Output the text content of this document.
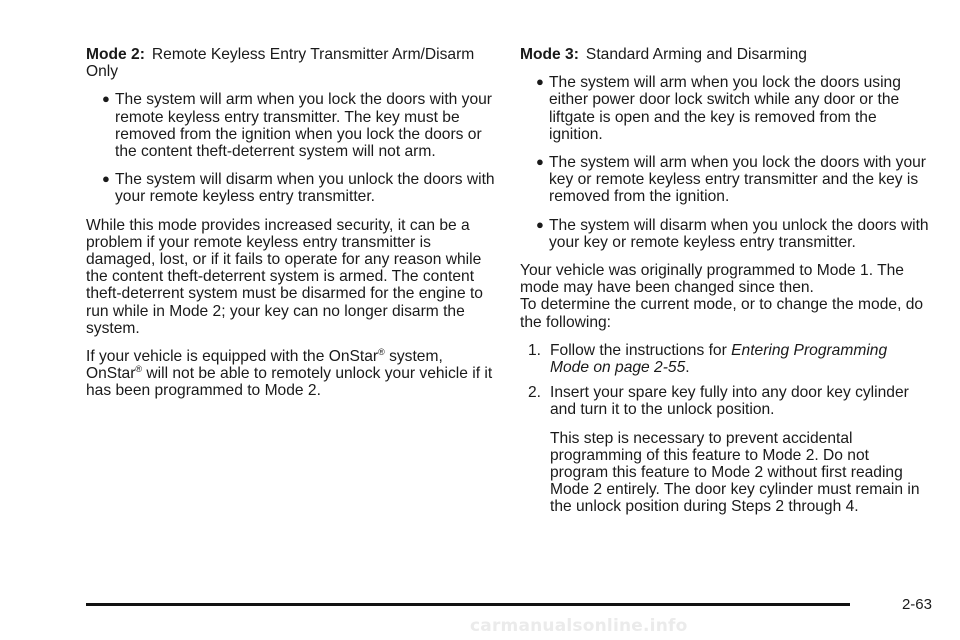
Mode 2: Remote Keyless Entry Transmitter Arm/Disarm Only

● The system will arm when you lock the doors with your remote keyless entry transmitter. The key must be removed from the ignition when you lock the doors or the content theft-deterrent system will not arm.
● The system will disarm when you unlock the doors with your remote keyless entry transmitter.

While this mode provides increased security, it can be a problem if your remote keyless entry transmitter is damaged, lost, or if it fails to operate for any reason while the content theft-deterrent system is armed. The content theft-deterrent system must be disarmed for the engine to run while in Mode 2; your key can no longer disarm the system.

If your vehicle is equipped with the OnStar® system, OnStar® will not be able to remotely unlock your vehicle if it has been programmed to Mode 2.

Mode 3: Standard Arming and Disarming

● The system will arm when you lock the doors using either power door lock switch while any door or the liftgate is open and the key is removed from the ignition.
● The system will arm when you lock the doors with your key or remote keyless entry transmitter and the key is removed from the ignition.
● The system will disarm when you unlock the doors with your key or remote keyless entry transmitter.

Your vehicle was originally programmed to Mode 1. The mode may have been changed since then.

To determine the current mode, or to change the mode, do the following:

1. Follow the instructions for Entering Programming Mode on page 2-55.
2. Insert your spare key fully into any door key cylinder and turn it to the unlock position.

This step is necessary to prevent accidental programming of this feature to Mode 2. Do not program this feature to Mode 2 without first reading Mode 2 entirely. The door key cylinder must remain in the unlock position during Steps 2 through 4.

2-63
carmanualsonline.info
